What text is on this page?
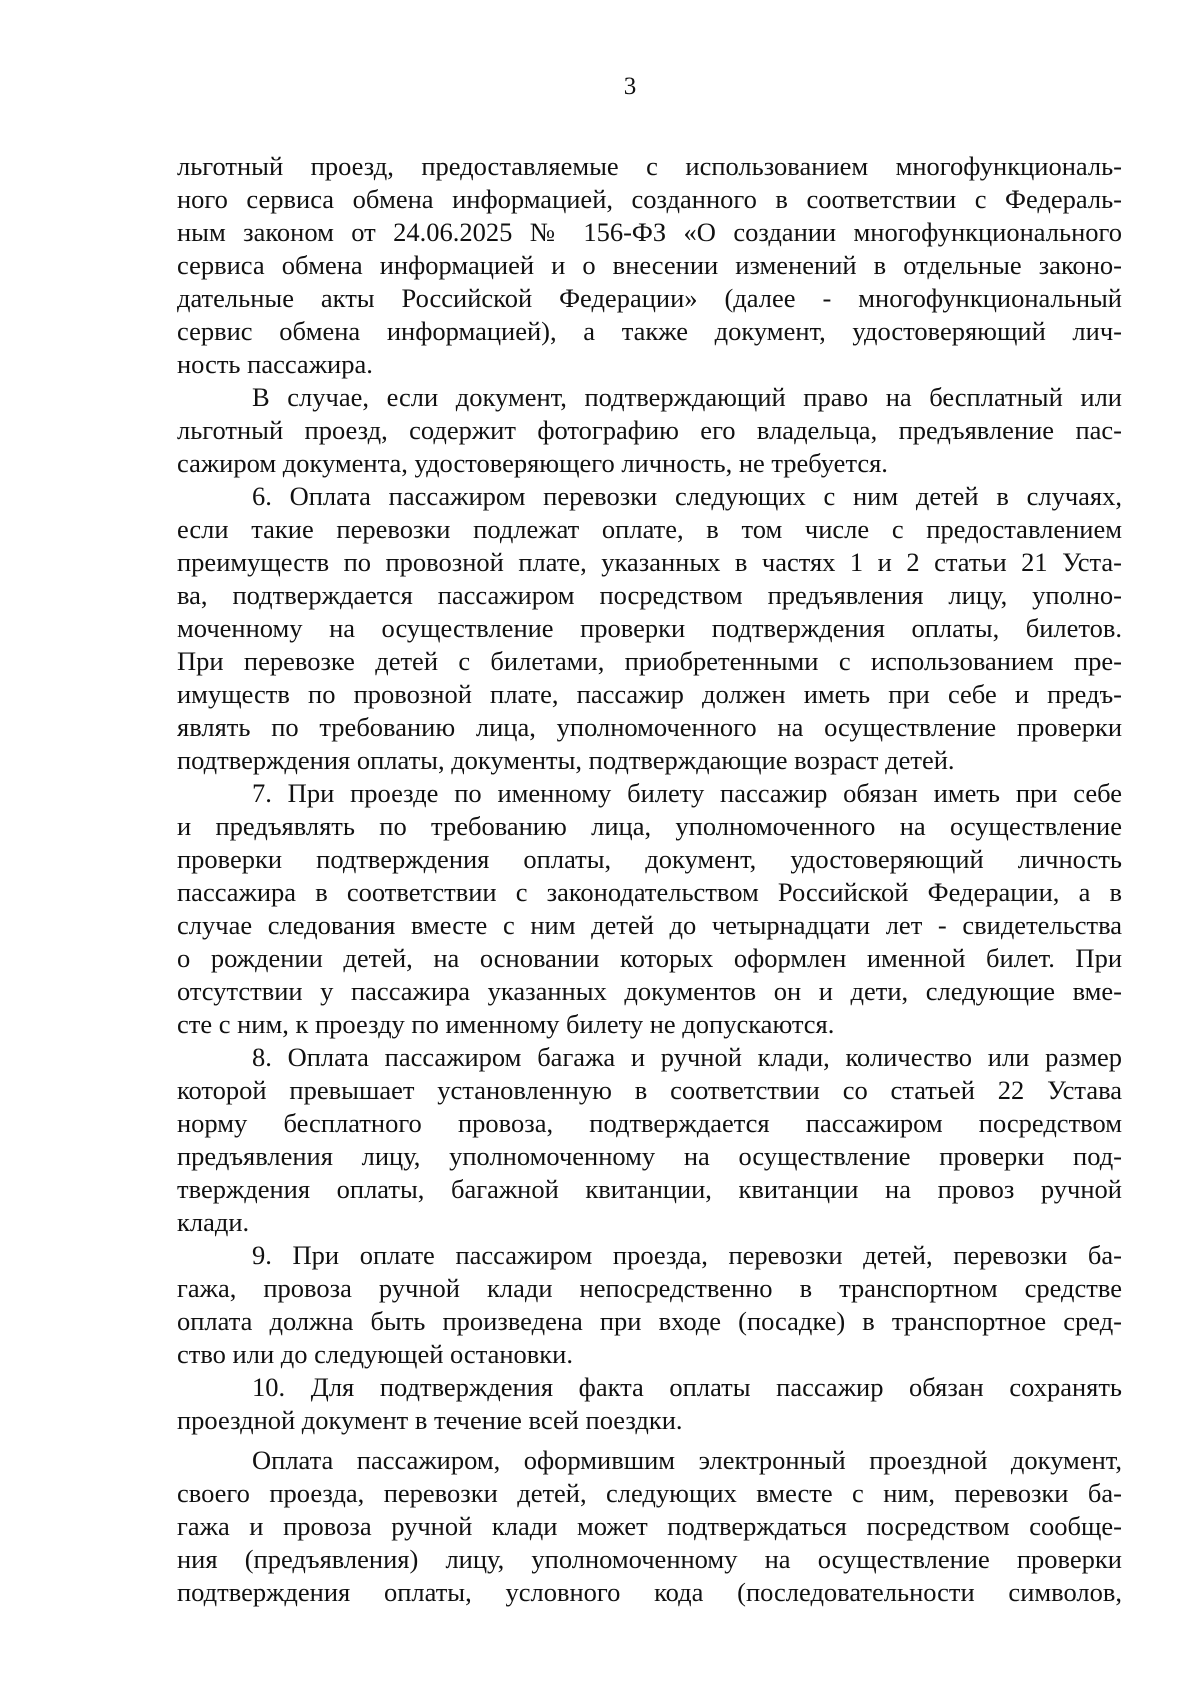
3
льготный проезд, предоставляемые с использованием многофункциональ-
ного сервиса обмена информацией, созданного в соответствии с Федераль-
ным законом от 24.06.2025 № 156-ФЗ «О создании многофункционального
сервиса обмена информацией и о внесении изменений в отдельные законо-
дательные акты Российской Федерации» (далее - многофункциональный
сервис обмена информацией), а также документ, удостоверяющий лич-
ность пассажира.
В случае, если документ, подтверждающий право на бесплатный или
льготный проезд, содержит фотографию его владельца, предъявление пас-
сажиром документа, удостоверяющего личность, не требуется.
6. Оплата пассажиром перевозки следующих с ним детей в случаях,
если такие перевозки подлежат оплате, в том числе с предоставлением
преимуществ по провозной плате, указанных в частях 1 и 2 статьи 21 Уста-
ва, подтверждается пассажиром посредством предъявления лицу, уполно-
моченному на осуществление проверки подтверждения оплаты, билетов.
При перевозке детей с билетами, приобретенными с использованием пре-
имуществ по провозной плате, пассажир должен иметь при себе и предъ-
являть по требованию лица, уполномоченного на осуществление проверки
подтверждения оплаты, документы, подтверждающие возраст детей.
7. При проезде по именному билету пассажир обязан иметь при себе
и предъявлять по требованию лица, уполномоченного на осуществление
проверки подтверждения оплаты, документ, удостоверяющий личность
пассажира в соответствии с законодательством Российской Федерации, а в
случае следования вместе с ним детей до четырнадцати лет - свидетельства
о рождении детей, на основании которых оформлен именной билет. При
отсутствии у пассажира указанных документов он и дети, следующие вме-
сте с ним, к проезду по именному билету не допускаются.
8. Оплата пассажиром багажа и ручной клади, количество или размер
которой превышает установленную в соответствии со статьей 22 Устава
норму бесплатного провоза, подтверждается пассажиром посредством
предъявления лицу, уполномоченному на осуществление проверки под-
тверждения оплаты, багажной квитанции, квитанции на провоз ручной
клади.
9. При оплате пассажиром проезда, перевозки детей, перевозки ба-
гажа, провоза ручной клади непосредственно в транспортном средстве
оплата должна быть произведена при входе (посадке) в транспортное сред-
ство или до следующей остановки.
10. Для подтверждения факта оплаты пассажир обязан сохранять
проездной документ в течение всей поездки.
Оплата пассажиром, оформившим электронный проездной документ,
своего проезда, перевозки детей, следующих вместе с ним, перевозки ба-
гажа и провоза ручной клади может подтверждаться посредством сообще-
ния (предъявления) лицу, уполномоченному на осуществление проверки
подтверждения оплаты, условного кода (последовательности символов,
